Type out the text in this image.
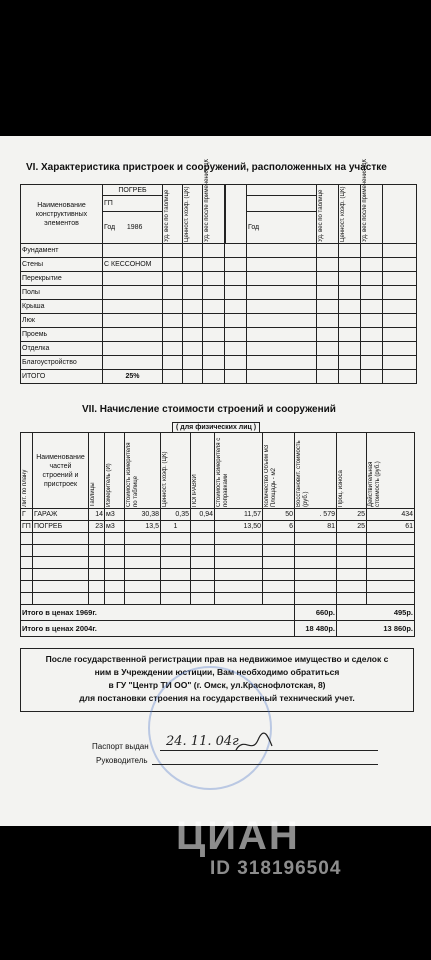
VI. Характеристика пристроек и сооружений, расположенных на участке
Наименование конструктивных элементов	ПОГРЕБ	Уд. вес по таблице	Ценност. коэф. (ЦК)	Уд. вес после применения ЦК			Уд. вес по таблице	Ценност. коэф. (ЦК)	Уд. вес после применения ЦК	

	ГП									
	Год 1986					Год				
Фундамент										
Стены	С КЕССОНОМ									
Перекрытие										
Полы										
Крыша										
Люк										
Проемь										
Отделка										
Благоустройство										
ИТОГО	25%									
VII. Начисление стоимости строений и сооружений
( для физических лиц )
Лит. по плану	Наименование частей строений и пристроек	Таблицы	Измеритель (И)	Стоимость измерителя по таблице	Ценност. коэф. (ЦК)	ПОПРАВКИ	Стоимость измерителя с поправками	Количество Объём м3 Площадь - м2	Восстановит. стоимость (руб.)	Проц. износа	Действительная стоимость (руб.)

Г	ГАРАЖ	14	м3	30,38	0,35	0,94	11,57	50	. 579	25	434
ГП	ПОГРЕБ	23	м3	13,5	1		13,50	6	81	25	61

Итого в ценах 1969г.									660р.	495р.	
Итого в ценах 2004г.									18 480р.	13 860р.	
После государственной регистрации прав на недвижимое имущество и сделок с
ним в Учреждении юстиции, Вам необходимо обратиться
в ГУ "Центр ТИ ОО" (г. Омск, ул.Краснофлотская, 8)
для постановки строения на государственный технический учет.
Паспорт выдан 24. 11. 04г
Руководитель
ЦИАН
ID 318196504
